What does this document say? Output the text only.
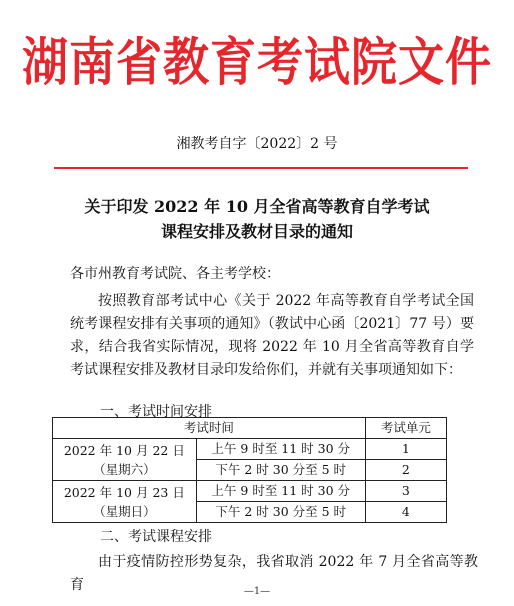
湖南省教育考试院文件
湘教考自字〔2022〕2 号
关于印发 2022 年 10 月全省高等教育自学考试
课程安排及教材目录的通知
各市州教育考试院、各主考学校：
按照教育部考试中心《关于 2022 年高等教育自学考试全国统考课程安排有关事项的通知》（教试中心函〔2021〕77 号）要求，结合我省实际情况，现将 2022 年 10 月全省高等教育自学考试课程安排及教材目录印发给你们，并就有关事项通知如下：
一、考试时间安排
考试时间		考试单元

2022 年 10 月 22 日
（星期六）	上午 9 时至 11 时 30 分	1
	下午 2 时 30 分至 5 时	2

2022 年 10 月 23 日
（星期日）	上午 9 时至 11 时 30 分	3
	下午 2 时 30 分至 5 时	4
二、考试课程安排
由于疫情防控形势复杂，我省取消 2022 年 7 月全省高等教育	—1—
